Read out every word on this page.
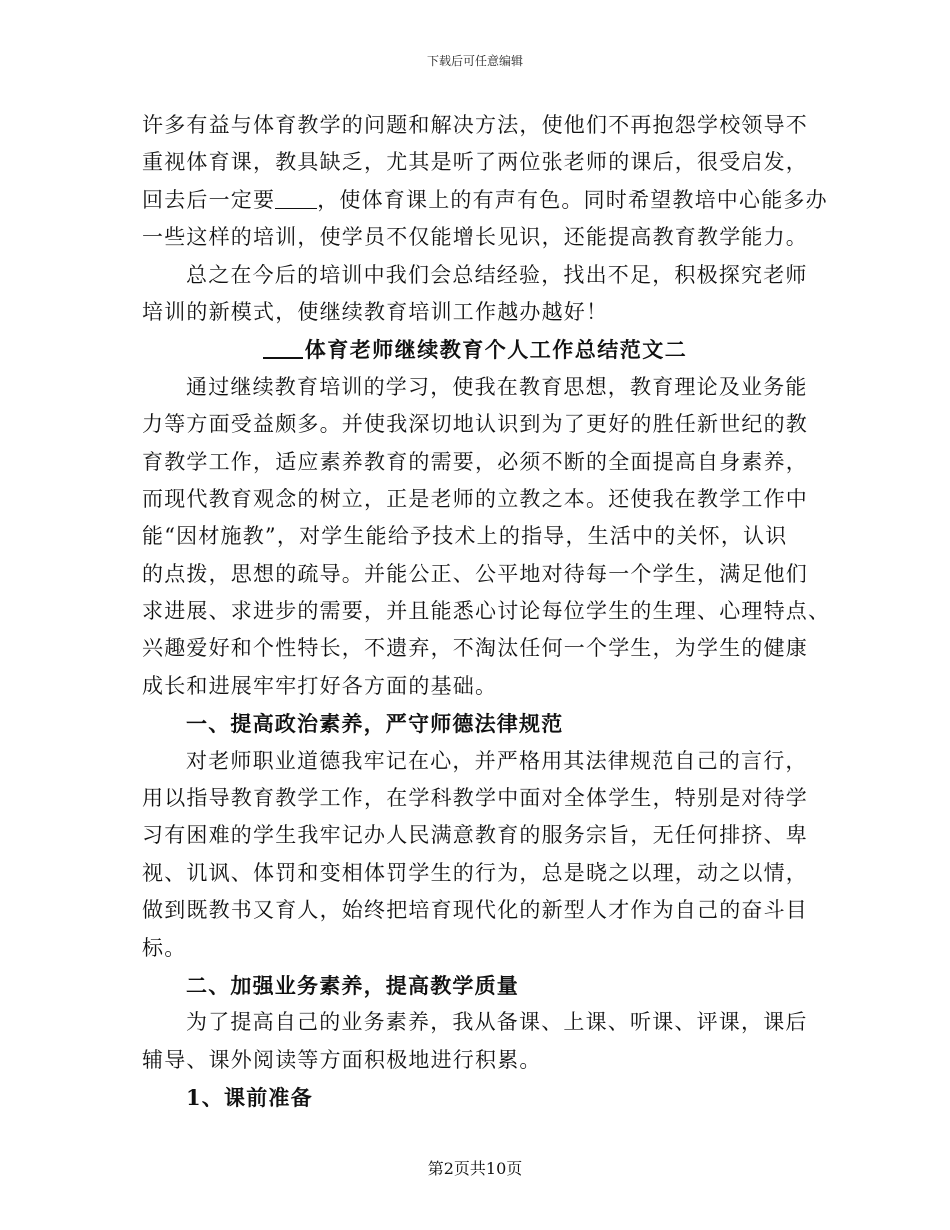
下载后可任意编辑
许多有益与体育教学的问题和解决方法，使他们不再抱怨学校领导不
重视体育课，教具缺乏，尤其是听了两位张老师的课后，很受启发，
回去后一定要 ，使体育课上的有声有色。同时希望教培中心能多办
一些这样的培训，使学员不仅能增长见识，还能提高教育教学能力。
总之在今后的培训中我们会总结经验，找出不足，积极探究老师
培训的新模式，使继续教育培训工作越办越好！
体育老师继续教育个人工作总结范文二
通过继续教育培训的学习，使我在教育思想，教育理论及业务能
力等方面受益颇多。并使我深切地认识到为了更好的胜任新世纪的教
育教学工作，适应素养教育的需要，必须不断的全面提高自身素养，
而现代教育观念的树立，正是老师的立教之本。还使我在教学工作中
能“因材施教”，对学生能给予技术上的指导，生活中的关怀，认识
的点拨，思想的疏导。并能公正、公平地对待每一个学生，满足他们
求进展、求进步的需要，并且能悉心讨论每位学生的生理、心理特点、
兴趣爱好和个性特长，不遗弃，不淘汰任何一个学生，为学生的健康
成长和进展牢牢打好各方面的基础。
一、提高政治素养，严守师德法律规范
对老师职业道德我牢记在心，并严格用其法律规范自己的言行，
用以指导教育教学工作，在学科教学中面对全体学生，特别是对待学
习有困难的学生我牢记办人民满意教育的服务宗旨，无任何排挤、卑
视、讥讽、体罚和变相体罚学生的行为，总是晓之以理，动之以情，
做到既教书又育人，始终把培育现代化的新型人才作为自己的奋斗目
标。
二、加强业务素养，提高教学质量
为了提高自己的业务素养，我从备课、上课、听课、评课，课后
辅导、课外阅读等方面积极地进行积累。
1、课前准备
第2页共10页
